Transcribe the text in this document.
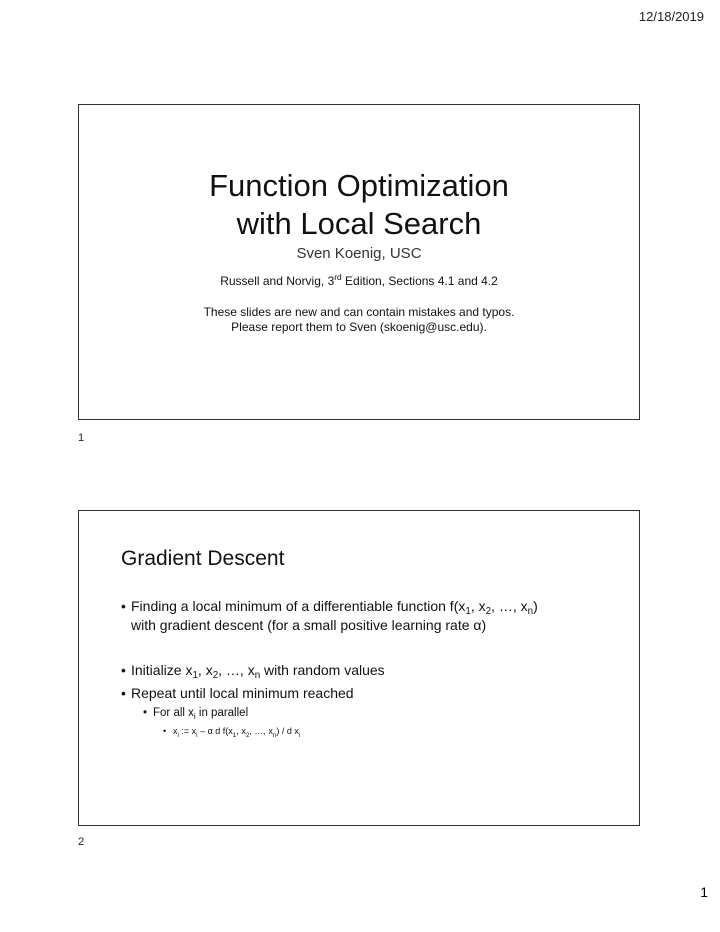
12/18/2019
Function Optimization
with Local Search
Sven Koenig, USC
Russell and Norvig, 3rd Edition, Sections 4.1 and 4.2
These slides are new and can contain mistakes and typos.
Please report them to Sven (skoenig@usc.edu).
1
Gradient Descent
• Finding a local minimum of a differentiable function $f(x_1$, $x_2$, …, $x_n$)
with gradient descent (for a small positive learning rate α)
• Initialize $x_1$, $x_2$, …, $x_n$ with random values
• Repeat until local minimum reached
• For all $x_i$ in parallel
• $x_i$ := $x_i$ – α d $f(x_1$, $x_2$, …, $x_n$) / d $x_i$
2
1
